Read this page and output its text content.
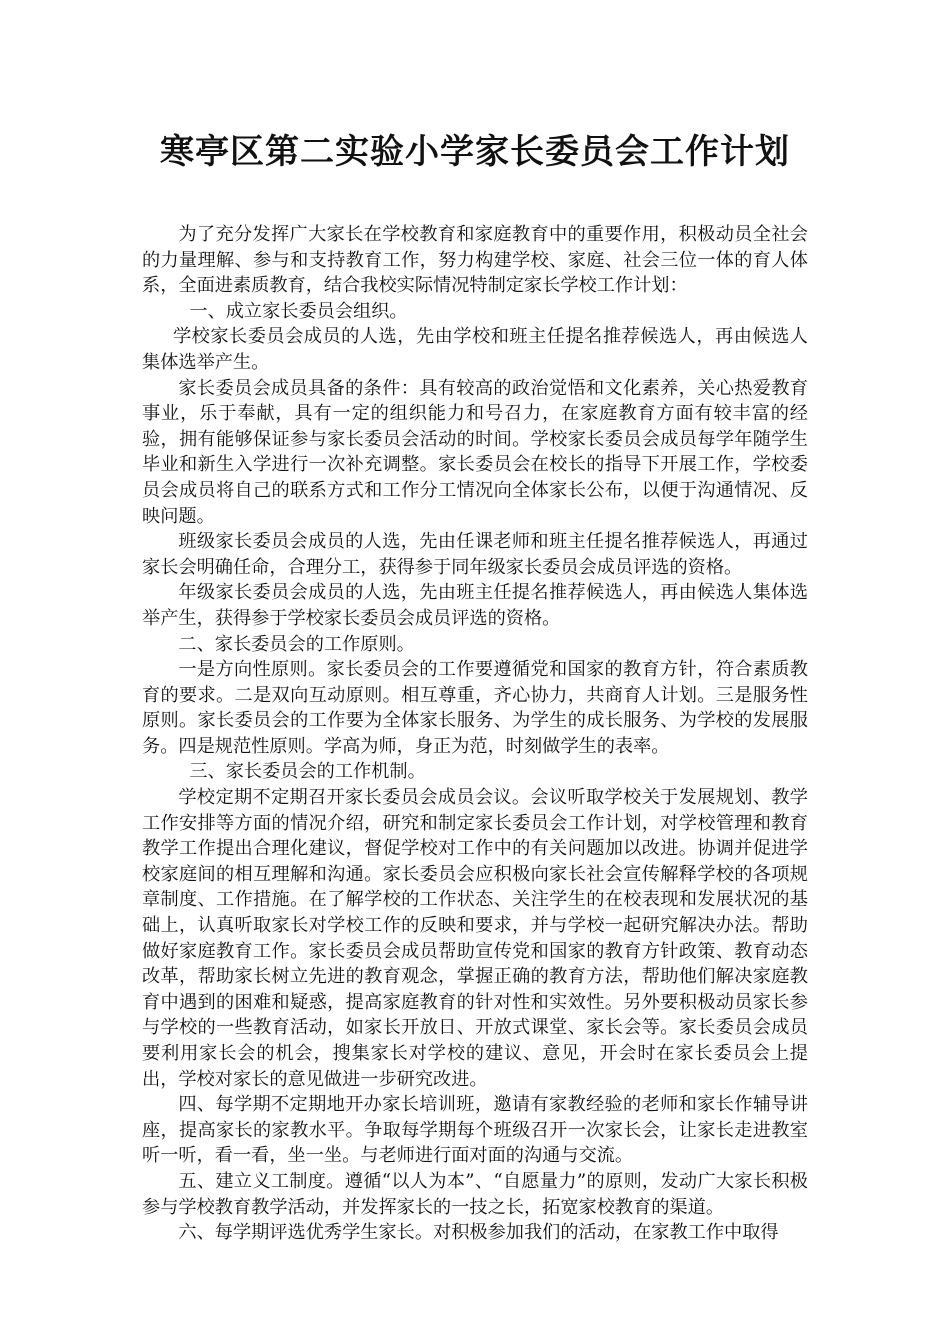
寒亭区第二实验小学家长委员会工作计划

为了充分发挥广大家长在学校教育和家庭教育中的重要作用，积极动员全社会的力量理解、参与和支持教育工作，努力构建学校、家庭、社会三位一体的育人体系，全面进素质教育，结合我校实际情况特制定家长学校工作计划：

一、成立家长委员会组织。

学校家长委员会成员的人选，先由学校和班主任提名推荐候选人，再由候选人集体选举产生。

家长委员会成员具备的条件：具有较高的政治觉悟和文化素养，关心热爱教育事业，乐于奉献，具有一定的组织能力和号召力，在家庭教育方面有较丰富的经验，拥有能够保证参与家长委员会活动的时间。学校家长委员会成员每学年随学生毕业和新生入学进行一次补充调整。家长委员会在校长的指导下开展工作，学校委员会成员将自己的联系方式和工作分工情况向全体家长公布，以便于沟通情况、反映问题。

班级家长委员会成员的人选，先由任课老师和班主任提名推荐候选人，再通过家长会明确任命，合理分工，获得参于同年级家长委员会成员评选的资格。

年级家长委员会成员的人选，先由班主任提名推荐候选人，再由候选人集体选举产生，获得参于学校家长委员会成员评选的资格。

二、家长委员会的工作原则。

一是方向性原则。家长委员会的工作要遵循党和国家的教育方针，符合素质教育的要求。二是双向互动原则。相互尊重，齐心协力，共商育人计划。三是服务性原则。家长委员会的工作要为全体家长服务、为学生的成长服务、为学校的发展服务。四是规范性原则。学高为师，身正为范，时刻做学生的表率。

三、家长委员会的工作机制。

学校定期不定期召开家长委员会成员会议。会议听取学校关于发展规划、教学工作安排等方面的情况介绍，研究和制定家长委员会工作计划，对学校管理和教育教学工作提出合理化建议，督促学校对工作中的有关问题加以改进。协调并促进学校家庭间的相互理解和沟通。家长委员会应积极向家长社会宣传解释学校的各项规章制度、工作措施。在了解学校的工作状态、关注学生的在校表现和发展状况的基础上，认真听取家长对学校工作的反映和要求，并与学校一起研究解决办法。帮助做好家庭教育工作。家长委员会成员帮助宣传党和国家的教育方针政策、教育动态改革，帮助家长树立先进的教育观念，掌握正确的教育方法，帮助他们解决家庭教育中遇到的困难和疑惑，提高家庭教育的针对性和实效性。另外要积极动员家长参与学校的一些教育活动，如家长开放日、开放式课堂、家长会等。家长委员会成员要利用家长会的机会，搜集家长对学校的建议、意见，开会时在家长委员会上提出，学校对家长的意见做进一步研究改进。

四、每学期不定期地开办家长培训班，邀请有家教经验的老师和家长作辅导讲座，提高家长的家教水平。争取每学期每个班级召开一次家长会，让家长走进教室听一听，看一看，坐一坐。与老师进行面对面的沟通与交流。

五、建立义工制度。遵循“以人为本”、“自愿量力”的原则，发动广大家长积极参与学校教育教学活动，并发挥家长的一技之长，拓宽家校教育的渠道。

六、每学期评选优秀学生家长。对积极参加我们的活动，在家教工作中取得
